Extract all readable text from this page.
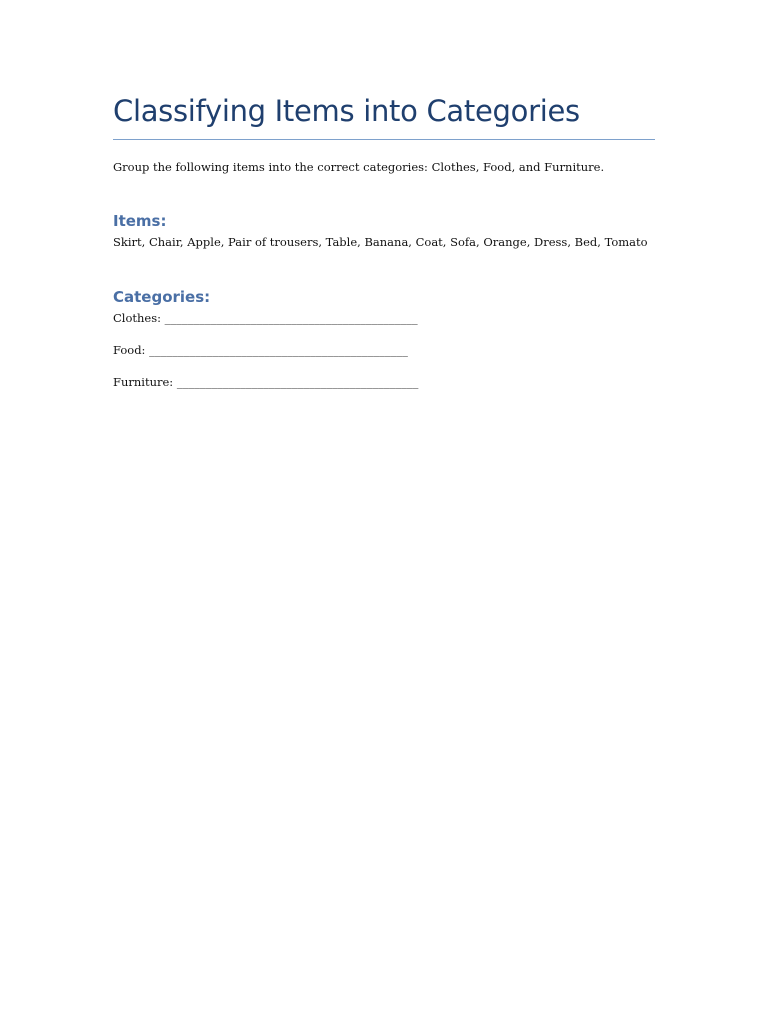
Classifying Items into Categories
Group the following items into the correct categories: Clothes, Food, and Furniture.
Items:
Skirt, Chair, Apple, Pair of trousers, Table, Banana, Coat, Sofa, Orange, Dress, Bed, Tomato
Categories:
Clothes: ____________________________________________
Food: _____________________________________________
Furniture: __________________________________________
